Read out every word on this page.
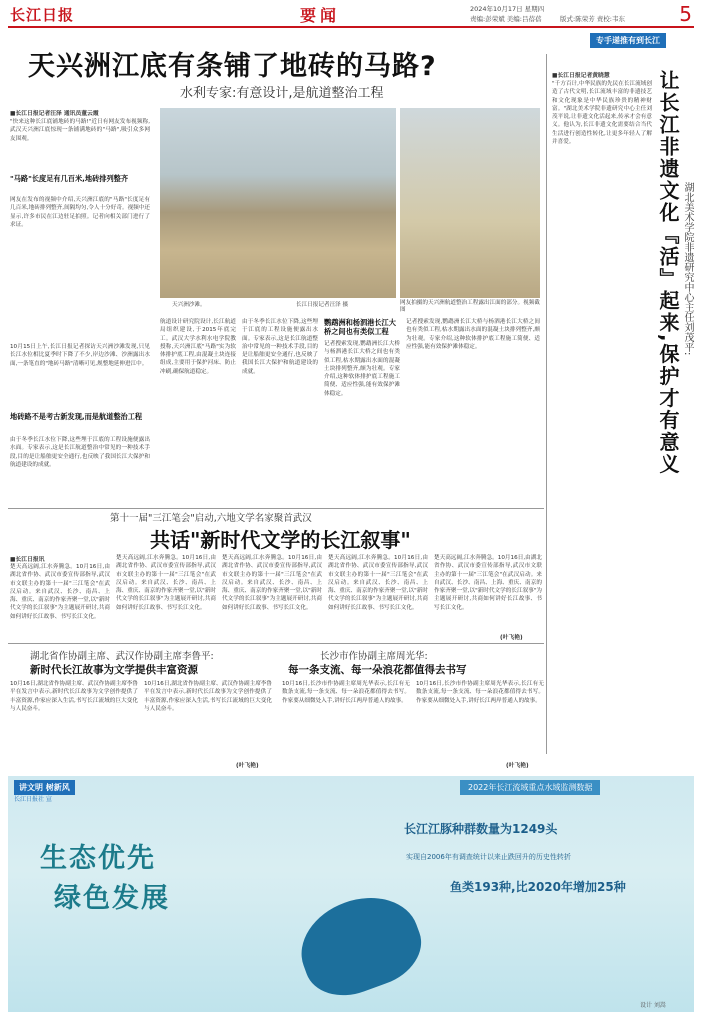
长江日报	要闻	2024年10月17日 星期四
责编:彭荣斌 美编:吕蓓蓓	版式:陈荣芳 责校:韦东	5
专手递推有到长江
天兴洲江底有条铺了地砖的马路?
水利专家:有意设计,是航道整治工程
■长江日报记者汪泽 通讯员董云霞
"快来这种长江底铺地砖的马路!"近日有网友发布视频称,武汉天兴洲江底惊现一条铺满地砖的"马路",吸引众多网友围观。
"马路"长度足有几百米,地砖排列整齐
网友在发布的视频中介绍,天兴洲江底的"马路"长度足有几百米,地砖排列整齐,间隔均匀,令人十分好奇。视频中还显示,许多市民在江边驻足拍照。记者向相关部门进行了求证。
10月15日上午,长江日报记者探访天兴洲沙滩发现,只见长江水位相比夏季时下降了不少,岸边沙滩、沙洲露出水面,一条笔直的"地砖马路"清晰可见,规整地延伸进江中。
地砖路不是考古新发现,而是航道整治工程
由于冬季长江水位下降,这些埋于江底的工程设施便露出水面。专家表示,这是长江航道整治中常见的一种技术手段,目的是让船舶更安全通行,也反映了我国长江大保护和航道建设的成就。
天兴洲沙滩。	长江日报记者汪泽 摄	网友拍摄的天兴洲航道整治工程露出江面的部分。视频截图
航道设计研究院设计,长江航道局组织建设,于2015年底完工。武汉大学水利水电学院教授称,天兴洲江底"马路"实为软体排护底工程,由混凝土块连接组成,主要用于保护河床、防止冲刷,确保航道稳定。
由于冬季长江水位下降,这些埋于江底的工程设施便露出水面。专家表示,这是长江航道整治中常见的一种技术手段,目的是让船舶更安全通行,也反映了我国长江大保护和航道建设的成就。
鹦鹉洲和杨泗港长江大桥之间也有类似工程
记者搜索发现,鹦鹉洲长江大桥与杨泗港长江大桥之间也有类似工程,枯水期露出水面的混凝土块排列整齐,颇为壮观。专家介绍,这种软体排护底工程施工简便、适应性强,能有效保护滩体稳定。
记者搜索发现,鹦鹉洲长江大桥与杨泗港长江大桥之间也有类似工程,枯水期露出水面的混凝土块排列整齐,颇为壮观。专家介绍,这种软体排护底工程施工简便、适应性强,能有效保护滩体稳定。
■长江日报记者黄晓慧
"千方百计,中华民族的先民在长江流域创造了古代文明,长江流域丰富的非遗技艺和文化现象是中华民族珍贵的精神财富。"湖北美术学院非遗研究中心主任刘茂平说,让非遗文化活起来,传承才会有意义。他认为,长江非遗文化需要结合当代生活进行创造性转化,让更多年轻人了解并喜爱。	让长江非遗文化『活』起来,保护才有意义 湖北美术学院非遗研究中心主任刘茂平:
第十一届"三江笔会"启动,六地文学名家聚首武汉
共话"新时代文学的长江叙事"
■长江日报讯
楚天高远阔,江水奔腾急。10月16日,由湖北省作协、武汉市委宣传部指导,武汉市文联主办的第十一届"三江笔会"在武汉启动。来自武汉、长沙、南昌、上海、重庆、南京的作家齐聚一堂,以"新时代文学的长江叙事"为主题展开研讨,共商如何讲好长江故事、书写长江文化。
楚天高远阔,江水奔腾急。10月16日,由湖北省作协、武汉市委宣传部指导,武汉市文联主办的第十一届"三江笔会"在武汉启动。来自武汉、长沙、南昌、上海、重庆、南京的作家齐聚一堂,以"新时代文学的长江叙事"为主题展开研讨,共商如何讲好长江故事、书写长江文化。
楚天高远阔,江水奔腾急。10月16日,由湖北省作协、武汉市委宣传部指导,武汉市文联主办的第十一届"三江笔会"在武汉启动。来自武汉、长沙、南昌、上海、重庆、南京的作家齐聚一堂,以"新时代文学的长江叙事"为主题展开研讨,共商如何讲好长江故事、书写长江文化。
楚天高远阔,江水奔腾急。10月16日,由湖北省作协、武汉市委宣传部指导,武汉市文联主办的第十一届"三江笔会"在武汉启动。来自武汉、长沙、南昌、上海、重庆、南京的作家齐聚一堂,以"新时代文学的长江叙事"为主题展开研讨,共商如何讲好长江故事、书写长江文化。
楚天高远阔,江水奔腾急。10月16日,由湖北省作协、武汉市委宣传部指导,武汉市文联主办的第十一届"三江笔会"在武汉启动。来自武汉、长沙、南昌、上海、重庆、南京的作家齐聚一堂,以"新时代文学的长江叙事"为主题展开研讨,共商如何讲好长江故事、书写长江文化。
(叶飞艳)
湖北省作协副主席、武汉作协副主席李鲁平:
新时代长江故事为文学提供丰富资源
10月16日,湖北省作协副主席、武汉作协副主席李鲁平在发言中表示,新时代长江故事为文学创作提供了丰富资源,作家应深入生活,书写长江流域的巨大变化与人民奋斗。
10月16日,湖北省作协副主席、武汉作协副主席李鲁平在发言中表示,新时代长江故事为文学创作提供了丰富资源,作家应深入生活,书写长江流域的巨大变化与人民奋斗。
(叶飞艳)
长沙市作协副主席周光华:
每一条支流、每一朵浪花都值得去书写
10月16日,长沙市作协副主席周光华表示,长江有无数条支流,每一条支流、每一朵浪花都值得去书写。作家要从细微处入手,讲好长江两岸普通人的故事。
10月16日,长沙市作协副主席周光华表示,长江有无数条支流,每一条支流、每一朵浪花都值得去书写。作家要从细微处入手,讲好长江两岸普通人的故事。
(叶飞艳)
讲文明 树新风
长江日报社 宣
2022年长江流域重点水域监测数据
生态优先
绿色发展
长江江豚种群数量为1249头
实现自2006年有调查统计以来止跌回升的历史性转折
鱼类193种,比2020年增加25种
设计 刘嵩
